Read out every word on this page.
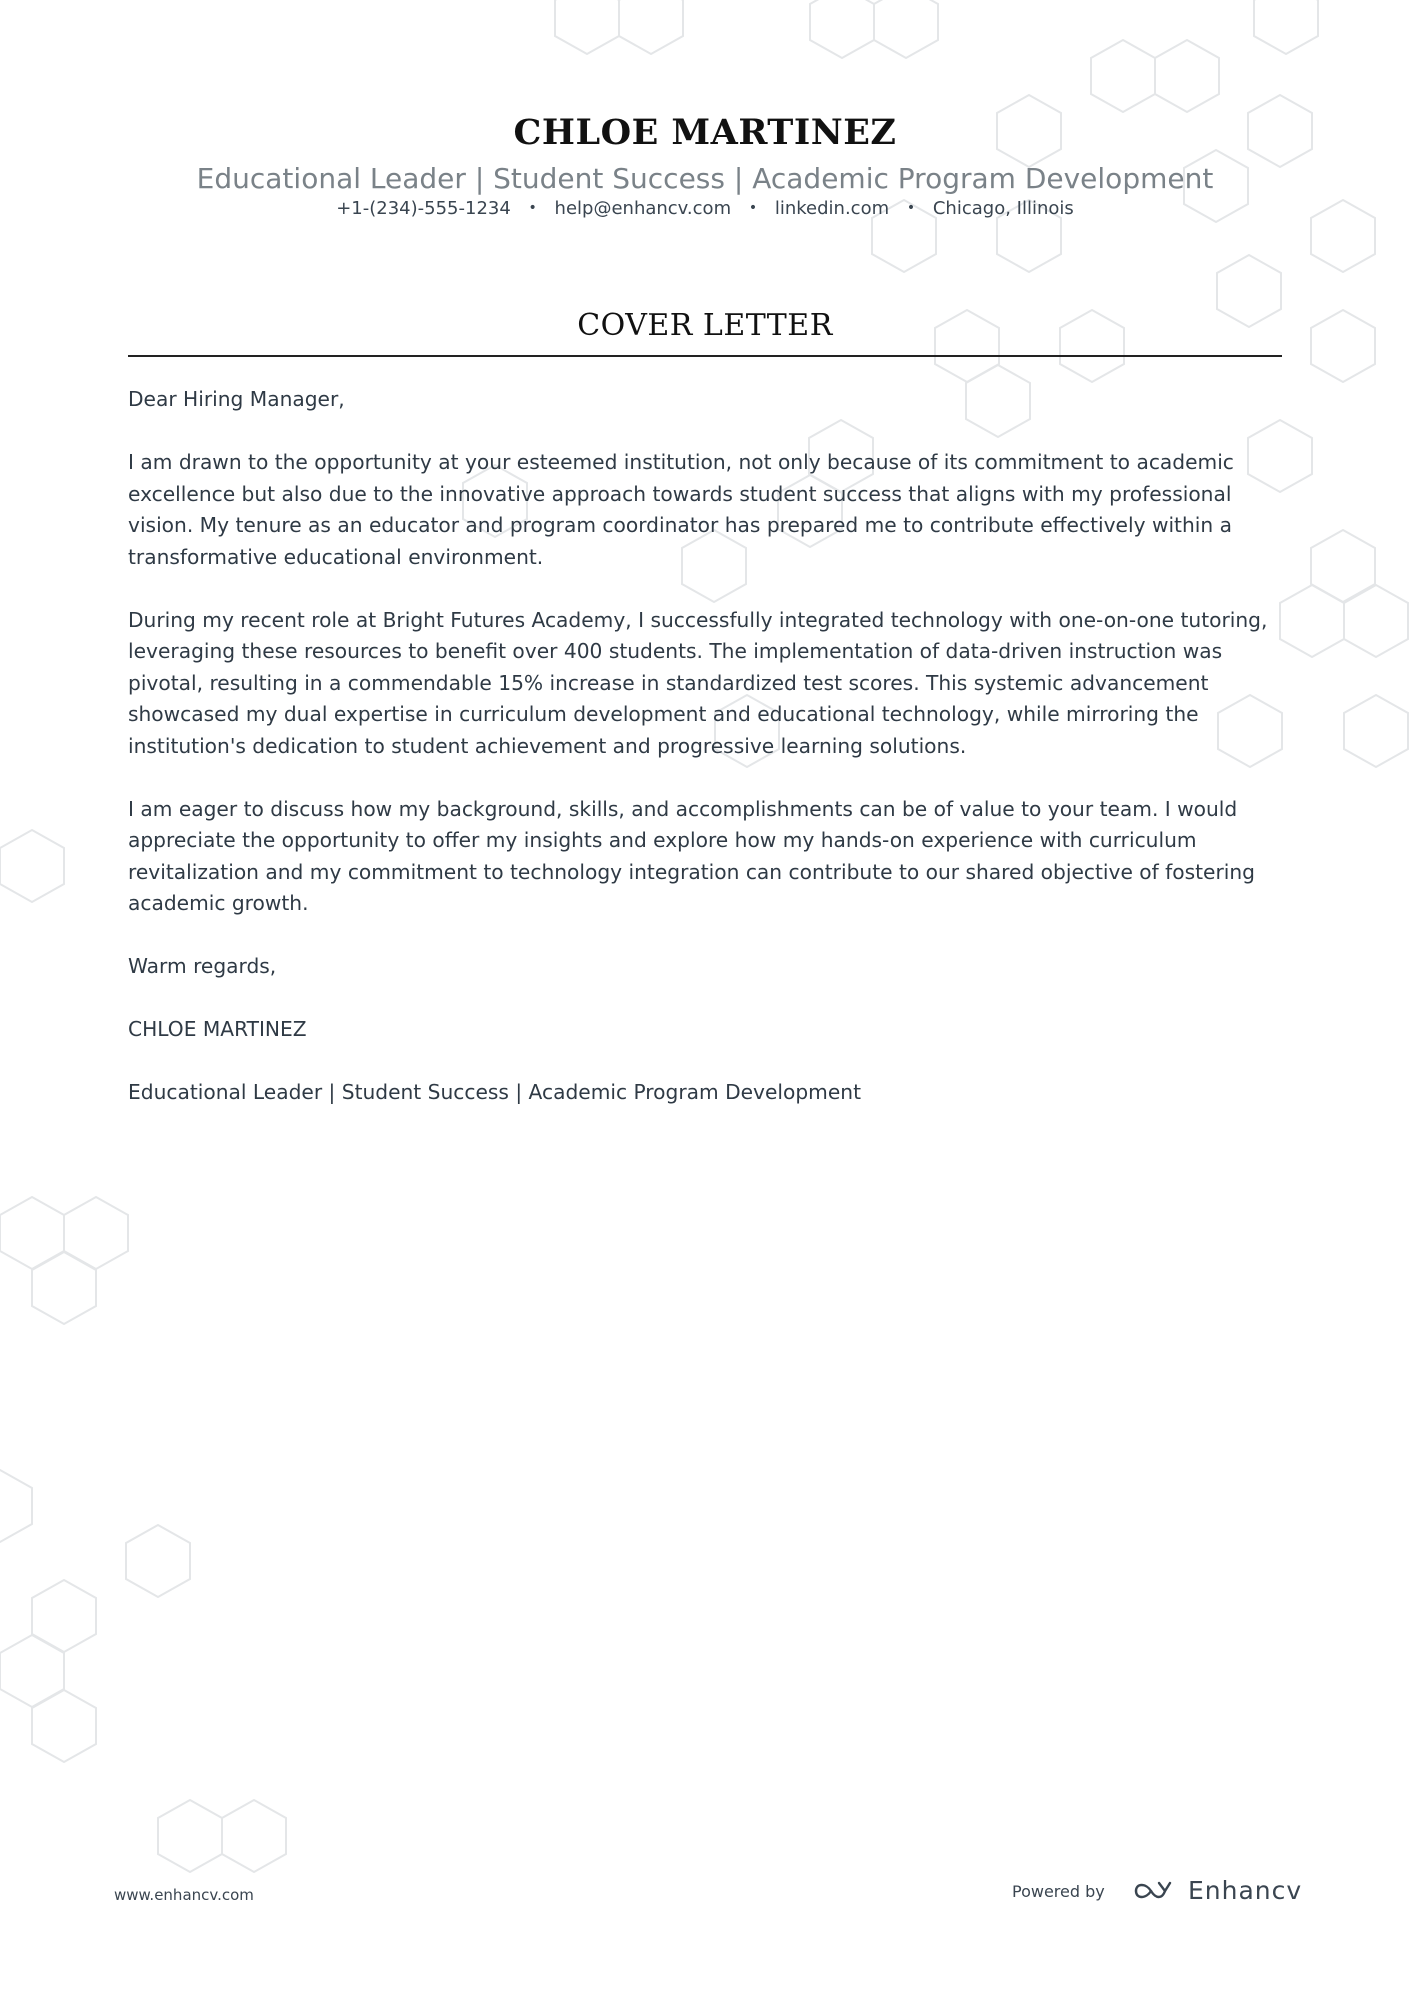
CHLOE MARTINEZ
Educational Leader | Student Success | Academic Program Development
+1-(234)-555-1234 • help@enhancv.com • linkedin.com • Chicago, Illinois
COVER LETTER

Dear Hiring Manager,

I am drawn to the opportunity at your esteemed institution, not only because of its commitment to academic excellence but also due to the innovative approach towards student success that aligns with my professional vision. My tenure as an educator and program coordinator has prepared me to contribute effectively within a transformative educational environment.

During my recent role at Bright Futures Academy, I successfully integrated technology with one-on-one tutoring, leveraging these resources to benefit over 400 students. The implementation of data-driven instruction was pivotal, resulting in a commendable 15% increase in standardized test scores. This systemic advancement showcased my dual expertise in curriculum development and educational technology, while mirroring the institution's dedication to student achievement and progressive learning solutions.

I am eager to discuss how my background, skills, and accomplishments can be of value to your team. I would appreciate the opportunity to offer my insights and explore how my hands-on experience with curriculum revitalization and my commitment to technology integration can contribute to our shared objective of fostering academic growth.

Warm regards,

CHLOE MARTINEZ

Educational Leader | Student Success | Academic Program Development

www.enhancv.com	Powered by	Enhancv
